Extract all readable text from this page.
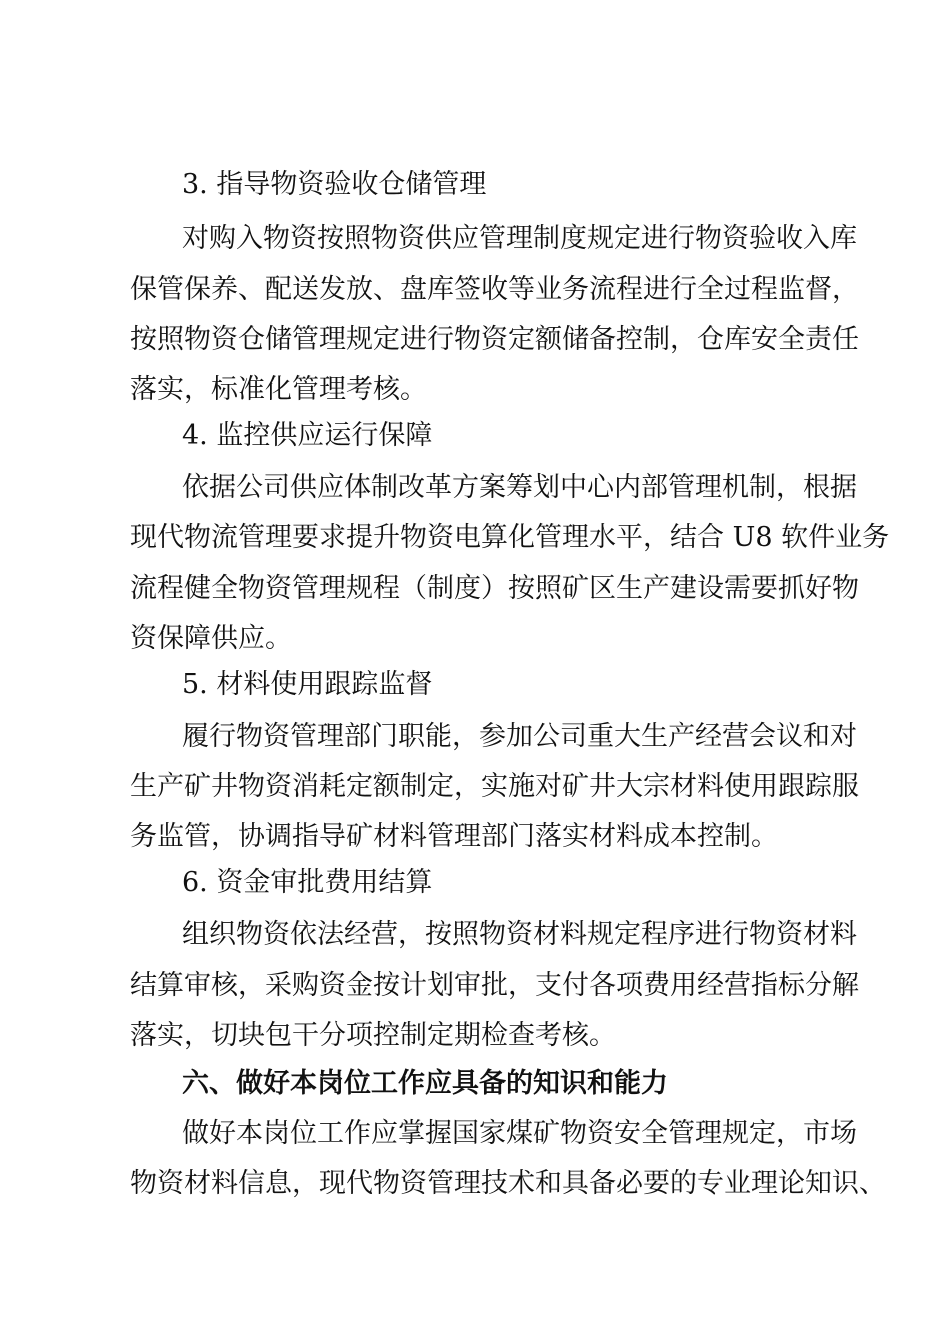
3. 指导物资验收仓储管理
对购入物资按照物资供应管理制度规定进行物资验收入库
保管保养、配送发放、盘库签收等业务流程进行全过程监督，
按照物资仓储管理规定进行物资定额储备控制，仓库安全责任
落实，标准化管理考核。
4. 监控供应运行保障
依据公司供应体制改革方案筹划中心内部管理机制，根据
现代物流管理要求提升物资电算化管理水平，结合 U8 软件业务
流程健全物资管理规程（制度）按照矿区生产建设需要抓好物
资保障供应。
5. 材料使用跟踪监督
履行物资管理部门职能，参加公司重大生产经营会议和对
生产矿井物资消耗定额制定，实施对矿井大宗材料使用跟踪服
务监管，协调指导矿材料管理部门落实材料成本控制。
6. 资金审批费用结算
组织物资依法经营，按照物资材料规定程序进行物资材料
结算审核，采购资金按计划审批，支付各项费用经营指标分解
落实，切块包干分项控制定期检查考核。
六、做好本岗位工作应具备的知识和能力
做好本岗位工作应掌握国家煤矿物资安全管理规定，市场
物资材料信息，现代物资管理技术和具备必要的专业理论知识、
